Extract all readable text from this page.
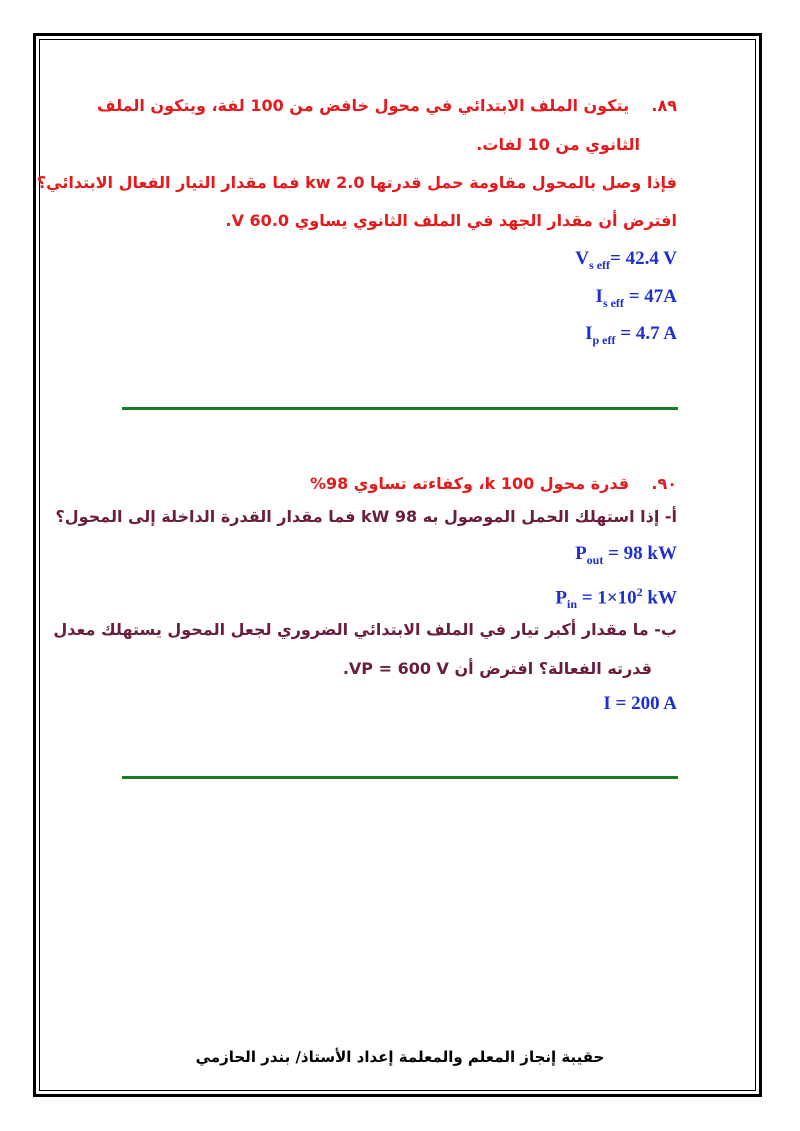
٨٩.    يتكون الملف الابتدائي في محول خافض من 100 لفة، ويتكون الملف
الثانوي من 10 لفات.
فإذا وصل بالمحول مقاومة حمل قدرتها kw 2.0 فما مقدار التيار الفعال الابتدائي؟
افترض أن مقدار الجهد في الملف الثانوي يساوي 60.0 V.
$V_{s eff}= 42.4$ V
$I_{s eff} = 47A$
$I_{p eff} = 4.7$ A
٩٠.    قدرة محول 100 k، وكفاءته تساوي 98%
أ- إذا استهلك الحمل الموصول به 98 kW فما مقدار القدرة الداخلة إلى المحول؟
$P_{out} = 98$ kW
$P_{in} = 1\times 10^2$ kW
ب- ما مقدار أكبر تيار في الملف الابتدائي الضروري لجعل المحول يستهلك معدل
قدرته الفعالة؟ افترض أن VP = 600 V.
I = 200 A
حقيبة إنجاز المعلم والمعلمة إعداد الأستاذ/ بندر الحازمي
